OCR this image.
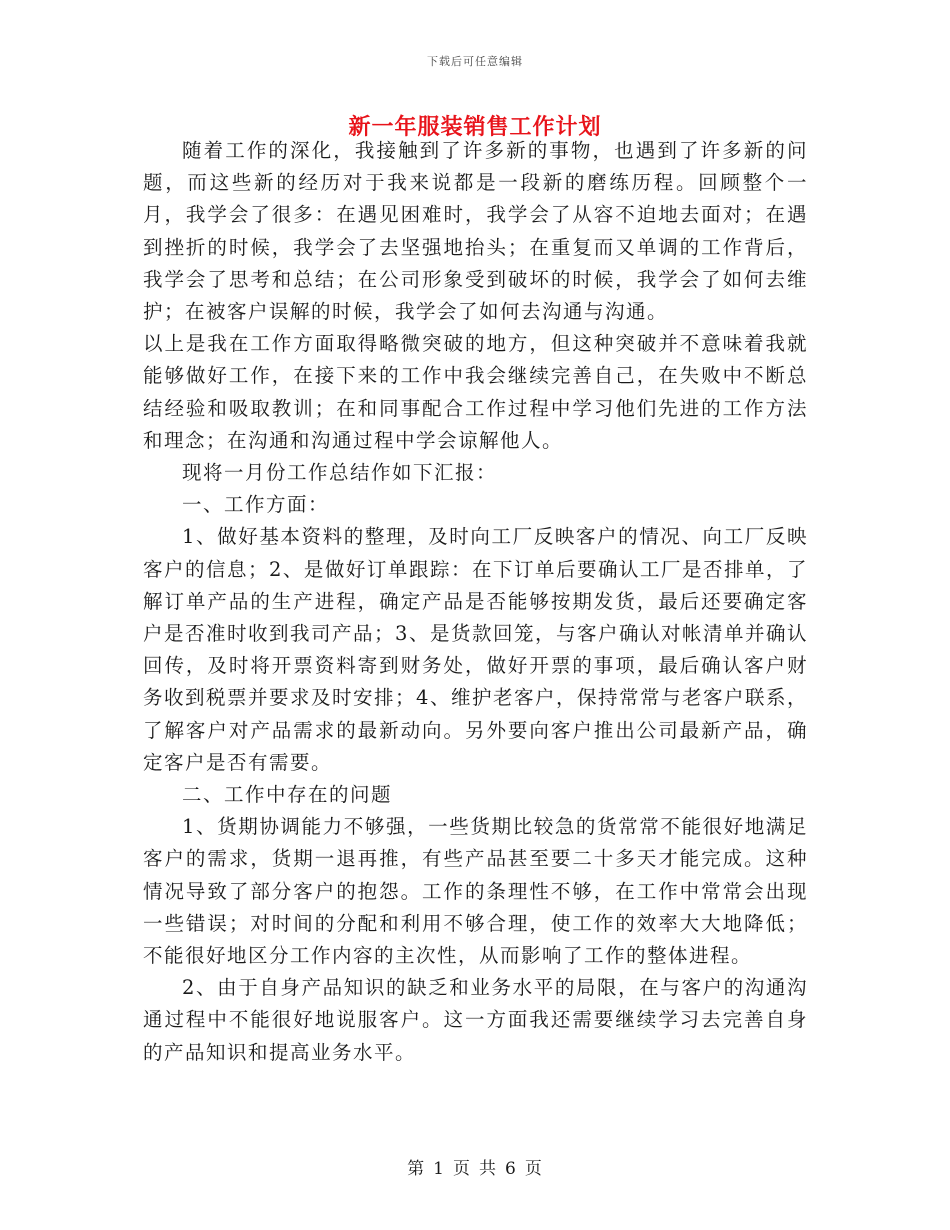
下载后可任意编辑
新一年服装销售工作计划

随着工作的深化，我接触到了许多新的事物，也遇到了许多新的问题，而这些新的经历对于我来说都是一段新的磨练历程。回顾整个一月，我学会了很多：在遇见困难时，我学会了从容不迫地去面对；在遇到挫折的时候，我学会了去坚强地抬头；在重复而又单调的工作背后，我学会了思考和总结；在公司形象受到破坏的时候，我学会了如何去维护；在被客户误解的时候，我学会了如何去沟通与沟通。

以上是我在工作方面取得略微突破的地方，但这种突破并不意味着我就能够做好工作，在接下来的工作中我会继续完善自己，在失败中不断总结经验和吸取教训；在和同事配合工作过程中学习他们先进的工作方法和理念；在沟通和沟通过程中学会谅解他人。

现将一月份工作总结作如下汇报：

一、工作方面：

1、做好基本资料的整理，及时向工厂反映客户的情况、向工厂反映客户的信息；2、是做好订单跟踪：在下订单后要确认工厂是否排单，了解订单产品的生产进程，确定产品是否能够按期发货，最后还要确定客户是否准时收到我司产品；3、是货款回笼，与客户确认对帐清单并确认回传，及时将开票资料寄到财务处，做好开票的事项，最后确认客户财务收到税票并要求及时安排；4、维护老客户，保持常常与老客户联系，了解客户对产品需求的最新动向。另外要向客户推出公司最新产品，确定客户是否有需要。

二、工作中存在的问题

1、货期协调能力不够强，一些货期比较急的货常常不能很好地满足客户的需求，货期一退再推，有些产品甚至要二十多天才能完成。这种情况导致了部分客户的抱怨。工作的条理性不够，在工作中常常会出现一些错误；对时间的分配和利用不够合理，使工作的效率大大地降低；不能很好地区分工作内容的主次性，从而影响了工作的整体进程。

2、由于自身产品知识的缺乏和业务水平的局限，在与客户的沟通沟通过程中不能很好地说服客户。这一方面我还需要继续学习去完善自身的产品知识和提高业务水平。

第 1 页 共 6 页
